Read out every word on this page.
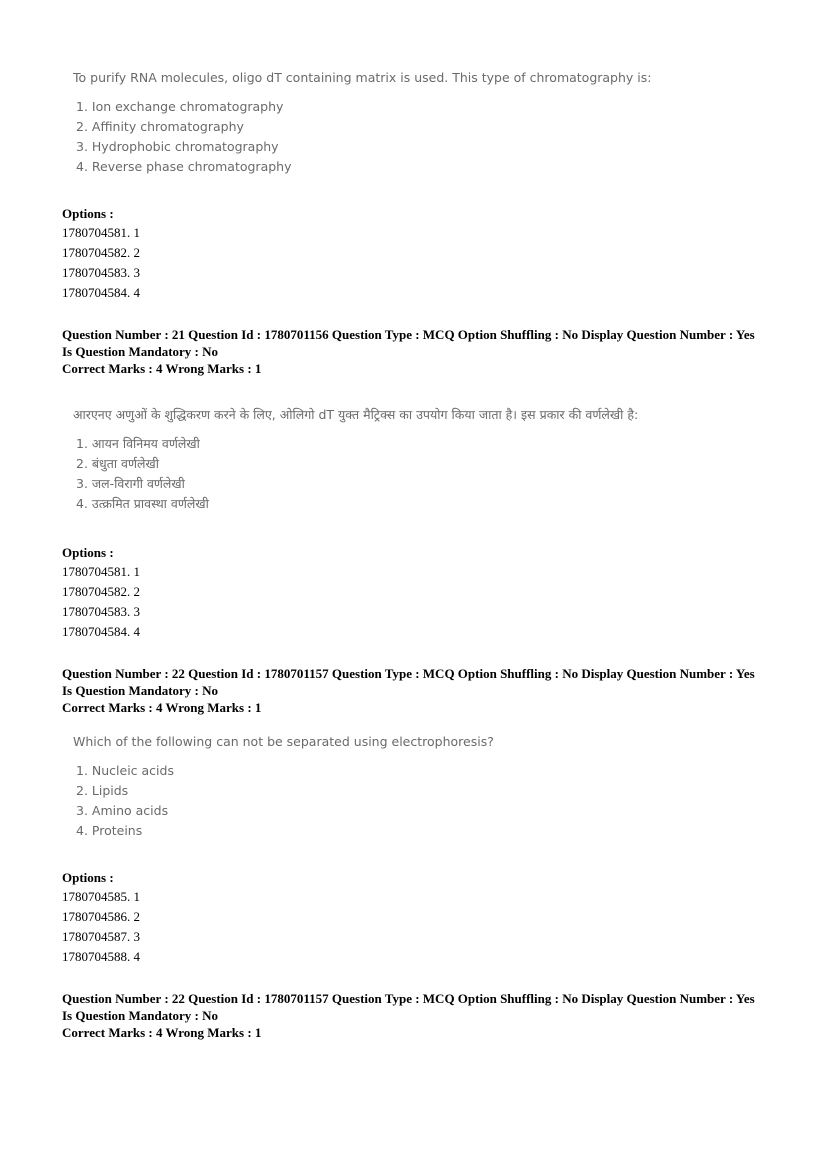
To purify RNA molecules, oligo dT containing matrix is used. This type of chromatography is:
1. Ion exchange chromatography
2. Affinity chromatography
3. Hydrophobic chromatography
4. Reverse phase chromatography
Options :
1780704581. 1
1780704582. 2
1780704583. 3
1780704584. 4
Question Number : 21 Question Id : 1780701156 Question Type : MCQ Option Shuffling : No Display Question Number : Yes
Is Question Mandatory : No
Correct Marks : 4 Wrong Marks : 1
आरएनए अणुओं के शुद्धिकरण करने के लिए, ओलिगो dT युक्त मैट्रिक्स का उपयोग किया जाता है। इस प्रकार की वर्णलेखी है:
1. आयन विनिमय वर्णलेखी
2. बंधुता वर्णलेखी
3. जल-विरागी वर्णलेखी
4. उत्क्रमित प्रावस्था वर्णलेखी
Options :
1780704581. 1
1780704582. 2
1780704583. 3
1780704584. 4
Question Number : 22 Question Id : 1780701157 Question Type : MCQ Option Shuffling : No Display Question Number : Yes
Is Question Mandatory : No
Correct Marks : 4 Wrong Marks : 1
Which of the following can not be separated using electrophoresis?
1. Nucleic acids
2. Lipids
3. Amino acids
4. Proteins
Options :
1780704585. 1
1780704586. 2
1780704587. 3
1780704588. 4
Question Number : 22 Question Id : 1780701157 Question Type : MCQ Option Shuffling : No Display Question Number : Yes
Is Question Mandatory : No
Correct Marks : 4 Wrong Marks : 1
